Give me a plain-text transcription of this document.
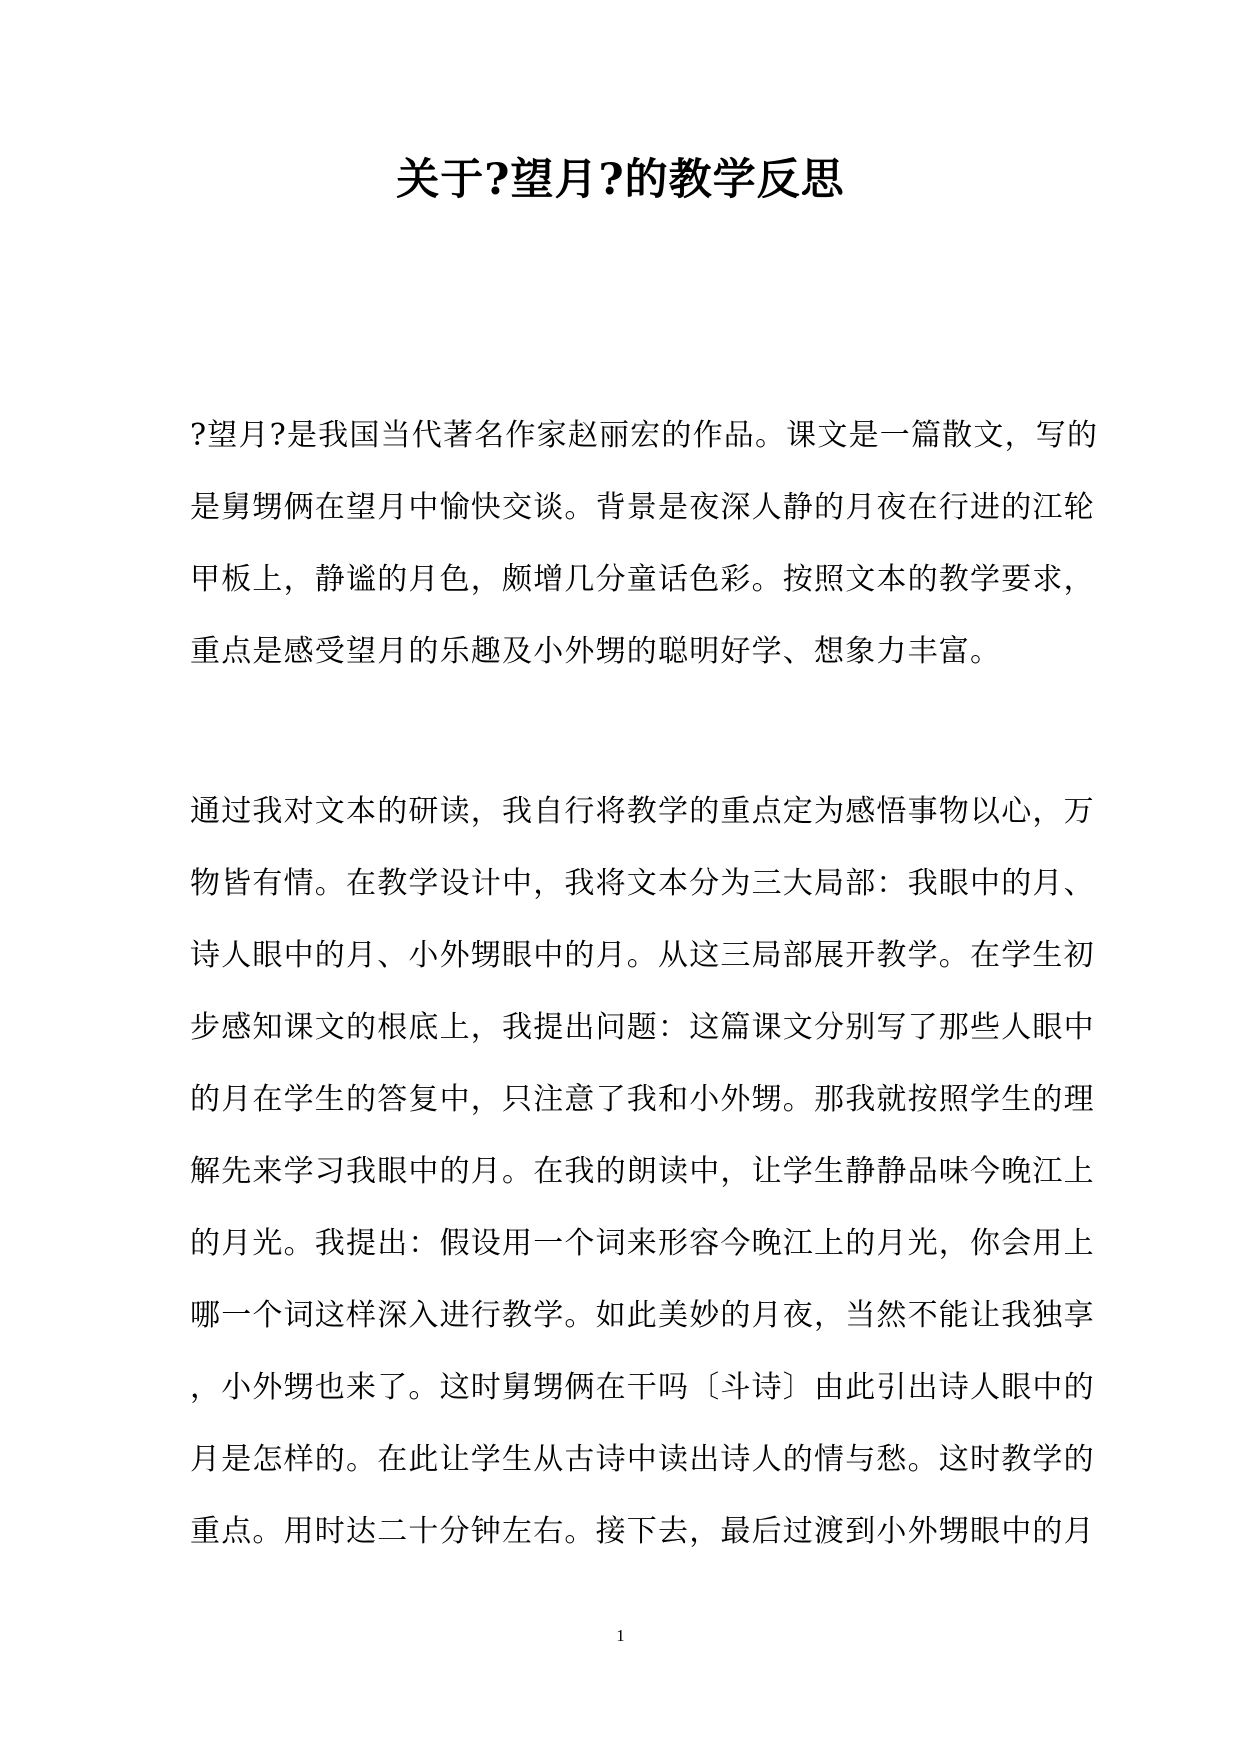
关于?望月?的教学反思
?望月?是我国当代著名作家赵丽宏的作品。课文是一篇散文，写的
是舅甥俩在望月中愉快交谈。背景是夜深人静的月夜在行进的江轮
甲板上，静谧的月色，颇增几分童话色彩。按照文本的教学要求，
重点是感受望月的乐趣及小外甥的聪明好学、想象力丰富。
通过我对文本的研读，我自行将教学的重点定为感悟事物以心，万
物皆有情。在教学设计中，我将文本分为三大局部：我眼中的月、
诗人眼中的月、小外甥眼中的月。从这三局部展开教学。在学生初
步感知课文的根底上，我提出问题：这篇课文分别写了那些人眼中
的月在学生的答复中，只注意了我和小外甥。那我就按照学生的理
解先来学习我眼中的月。在我的朗读中，让学生静静品味今晚江上
的月光。我提出：假设用一个词来形容今晚江上的月光，你会用上
哪一个词这样深入进行教学。如此美妙的月夜，当然不能让我独享
，小外甥也来了。这时舅甥俩在干吗〔斗诗〕由此引出诗人眼中的
月是怎样的。在此让学生从古诗中读出诗人的情与愁。这时教学的
重点。用时达二十分钟左右。接下去，最后过渡到小外甥眼中的月
1
